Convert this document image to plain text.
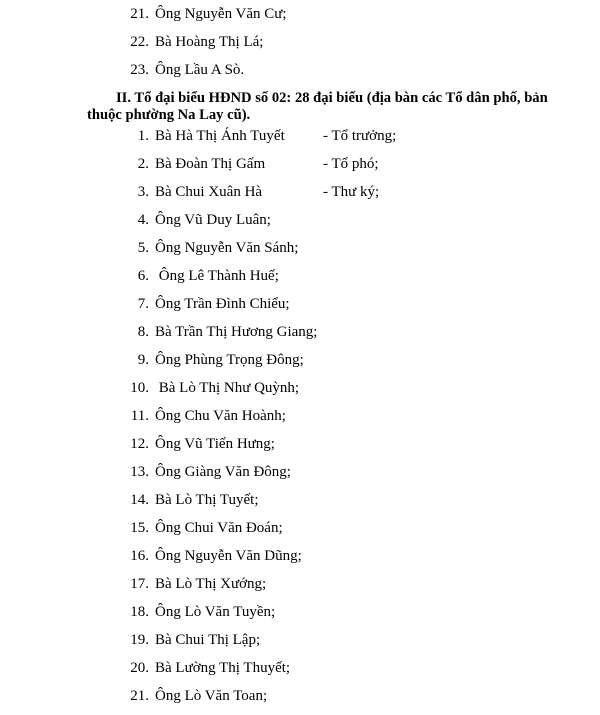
21. Ông Nguyễn Văn Cư;
22. Bà Hoàng Thị Lá;
23. Ông Lầu A Sò.
II. Tổ đại biểu HĐND số 02: 28 đại biểu (địa bàn các Tổ dân phố, bản
thuộc phường Na Lay cũ).
1. Bà Hà Thị Ánh Tuyết	- Tổ trưởng;
2. Bà Đoàn Thị Gấm	- Tổ phó;
3. Bà Chui Xuân Hà	- Thư ký;
4. Ông Vũ Duy Luân;
5. Ông Nguyễn Văn Sánh;
6. Ông Lê Thành Huế;
7. Ông Trần Đình Chiểu;
8. Bà Trần Thị Hương Giang;
9. Ông Phùng Trọng Đông;
10. Bà Lò Thị Như Quỳnh;
11. Ông Chu Văn Hoành;
12. Ông Vũ Tiến Hưng;
13. Ông Giàng Văn Đông;
14. Bà Lò Thị Tuyết;
15. Ông Chui Văn Đoán;
16. Ông Nguyễn Văn Dũng;
17. Bà Lò Thị Xướng;
18. Ông Lò Văn Tuyền;
19. Bà Chui Thị Lập;
20. Bà Lường Thị Thuyết;
21. Ông Lò Văn Toan;
